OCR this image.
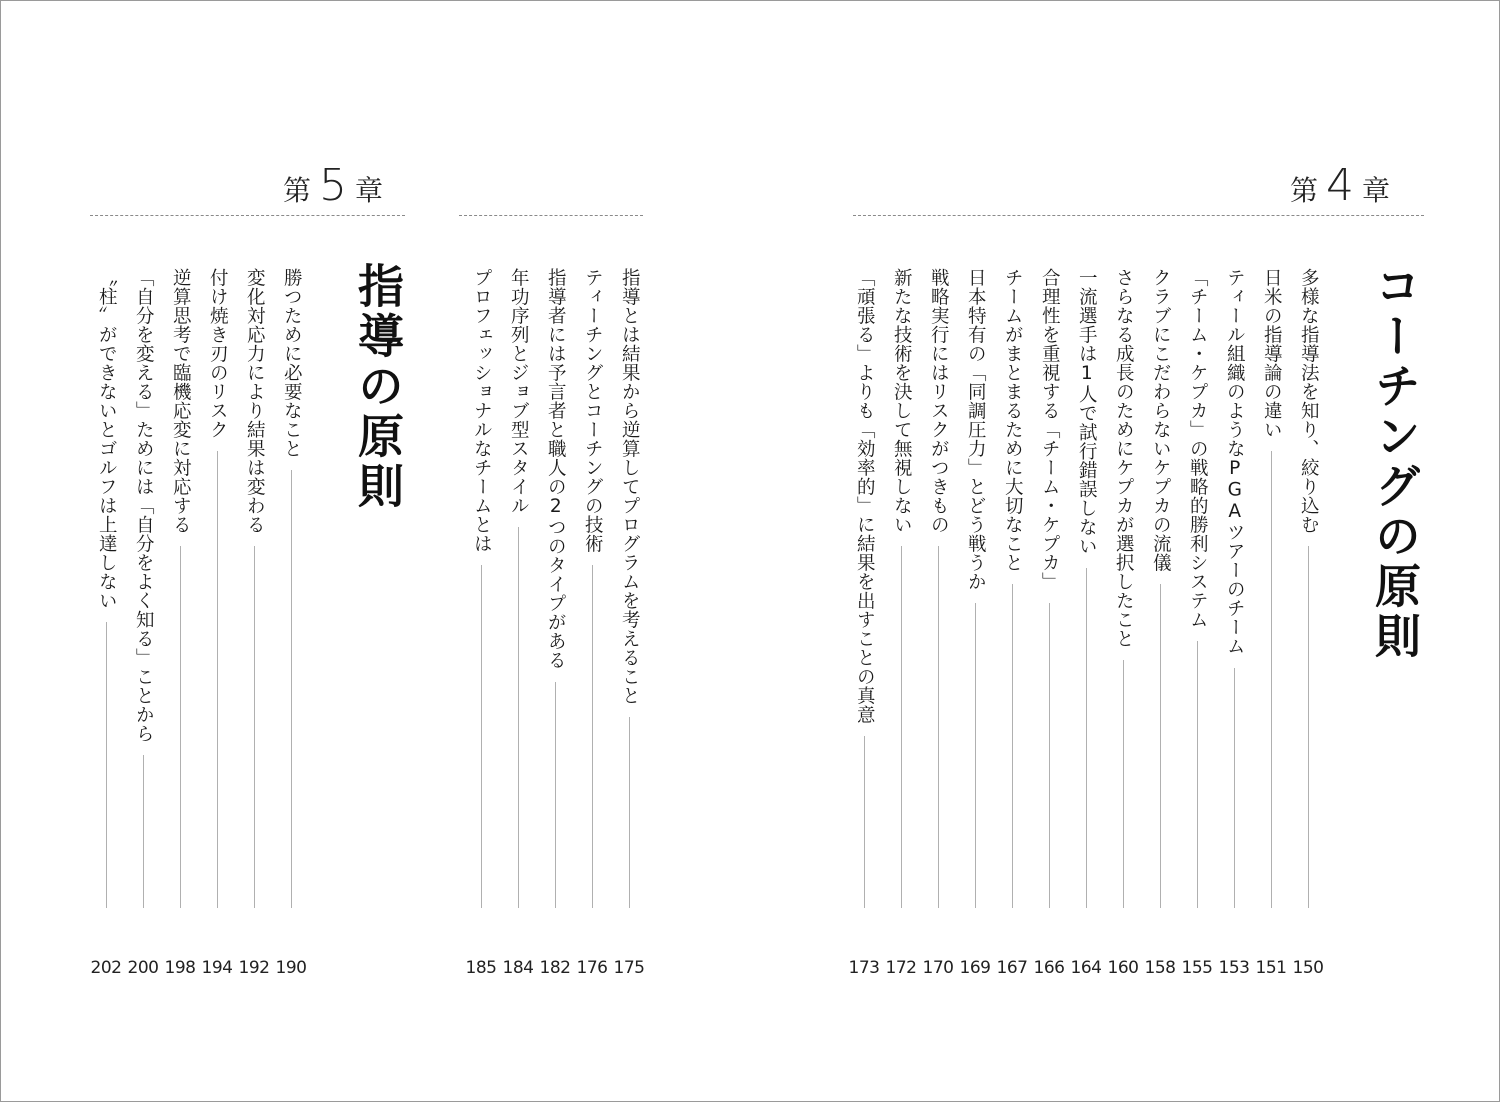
第 4 章
コーチングの原則
多様な指導法を知り、絞り込む
150
日米の指導論の違い
151
ティール組織のようなPGAツアーのチーム
153
「チーム・ケプカ」の戦略的勝利システム
155
クラブにこだわらないケプカの流儀
158
さらなる成長のためにケプカが選択したこと
160
一流選手は1人で試行錯誤しない
164
合理性を重視する「チーム・ケプカ」
166
チームがまとまるために大切なこと
167
日本特有の「同調圧力」とどう戦うか
169
戦略実行にはリスクがつきもの
170
新たな技術を決して無視しない
172
「頑張る」よりも「効率的」に結果を出すことの真意
173
指導とは結果から逆算してプログラムを考えること
175
ティーチングとコーチングの技術
176
指導者には予言者と職人の2つのタイプがある
182
年功序列とジョブ型スタイル
184
プロフェッショナルなチームとは
185
第 5 章
指導の原則
勝つために必要なこと
190
変化対応力により結果は変わる
192
付け焼き刃のリスク
194
逆算思考で臨機応変に対応する
198
「自分を変える」ためには「自分をよく知る」ことから
200
〝柱〟ができないとゴルフは上達しない
202
